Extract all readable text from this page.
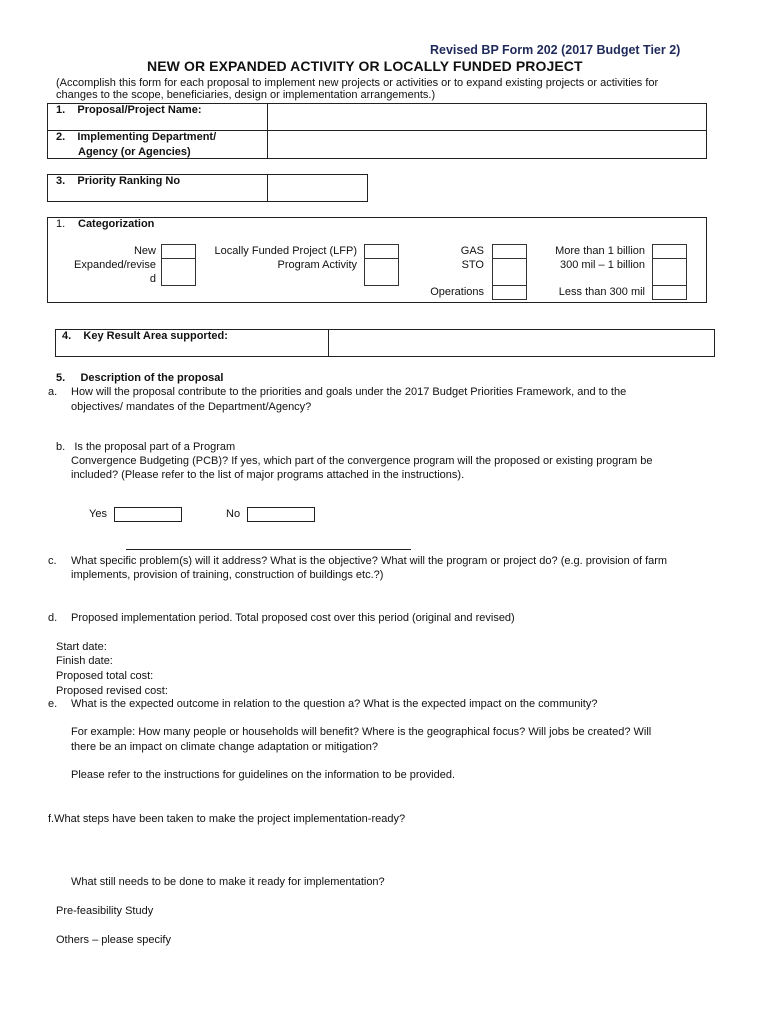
Revised BP Form 202 (2017 Budget Tier 2)
NEW OR EXPANDED ACTIVITY OR LOCALLY FUNDED PROJECT
(Accomplish this form for each proposal to implement new projects or activities or to expand existing projects or activities for
changes to the scope, beneficiaries, design or implementation arrangements.)
1.    Proposal/Project Name:
2.    Implementing Department/
Agency (or Agencies)
3.    Priority Ranking No
1. Categorization
New
Expanded/revise
d
Locally Funded Project (LFP)
Program Activity
GAS
STO
Operations
More than 1 billion
300 mil – 1 billion
Less than 300 mil
4.    Key Result Area supported:
5.     Description of the proposal
a. How will the proposal contribute to the priorities and goals under the 2017 Budget Priorities Framework, and to the
objectives/ mandates of the Department/Agency?
b.   Is the proposal part of a Program
Convergence Budgeting (PCB)? If yes, which part of the convergence program will the proposed or existing program be
included? (Please refer to the list of major programs attached in the instructions).
Yes	No
c. What specific problem(s) will it address? What is the objective? What will the program or project do? (e.g. provision of farm
implements, provision of training, construction of buildings etc.?)
d. Proposed implementation period. Total proposed cost over this period (original and revised)
Start date:
Finish date:
Proposed total cost:
Proposed revised cost:
e. What is the expected outcome in relation to the question a? What is the expected impact on the community?
For example: How many people or households will benefit? Where is the geographical focus? Will jobs be created? Will
there be an impact on climate change adaptation or mitigation?
Please refer to the instructions for guidelines on the information to be provided.
f.What steps have been taken to make the project implementation-ready?
What still needs to be done to make it ready for implementation?
Pre-feasibility Study
Others – please specify
